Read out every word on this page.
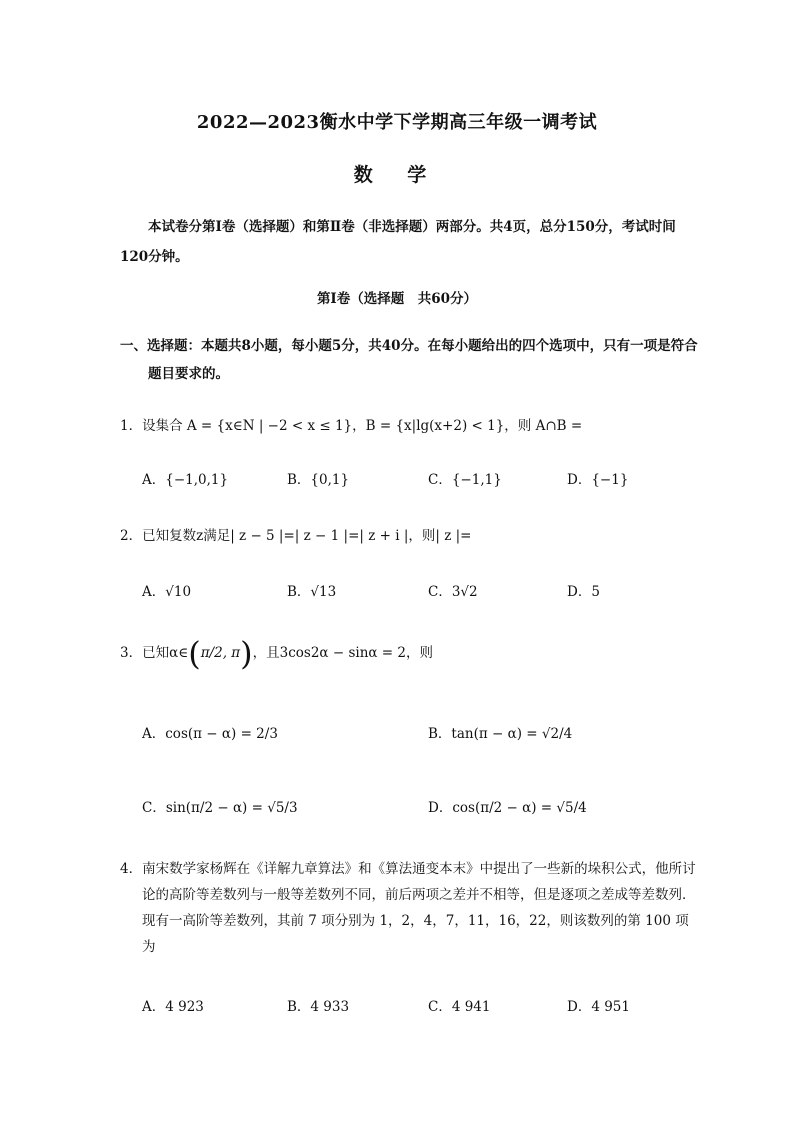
2022—2023衡水中学下学期高三年级一调考试
数 学
本试卷分第Ⅰ卷（选择题）和第Ⅱ卷（非选择题）两部分。共4页，总分150分，考试时间120分钟。
第Ⅰ卷（选择题　共60分）
一、选择题：本题共8小题，每小题5分，共40分。在每小题给出的四个选项中，只有一项是符合题目要求的。
1．设集合 A = {x∈N | −2 < x ≤ 1}，B = {x|lg(x+2) < 1}，则 A∩B =
A．{−1,0,1}	B．{0,1}	C．{−1,1}	D．{−1}
2．已知复数z满足| z − 5 |=| z − 1 |=| z + i |，则| z |=
A．√10	B．√13	C．3√2	D．5
3．已知α∈(π/2, π)，且3cos2α − sinα = 2，则
A．cos(π − α) = 2/3	B．tan(π − α) = √2/4
C．sin(π/2 − α) = √5/3	D．cos(π/2 − α) = √5/4
4．南宋数学家杨辉在《详解九章算法》和《算法通变本末》中提出了一些新的垛积公式，他所讨论的高阶等差数列与一般等差数列不同，前后两项之差并不相等，但是逐项之差成等差数列．现有一高阶等差数列，其前 7 项分别为 1，2，4，7，11，16，22，则该数列的第 100 项为
A．4 923	B．4 933	C．4 941	D．4 951
